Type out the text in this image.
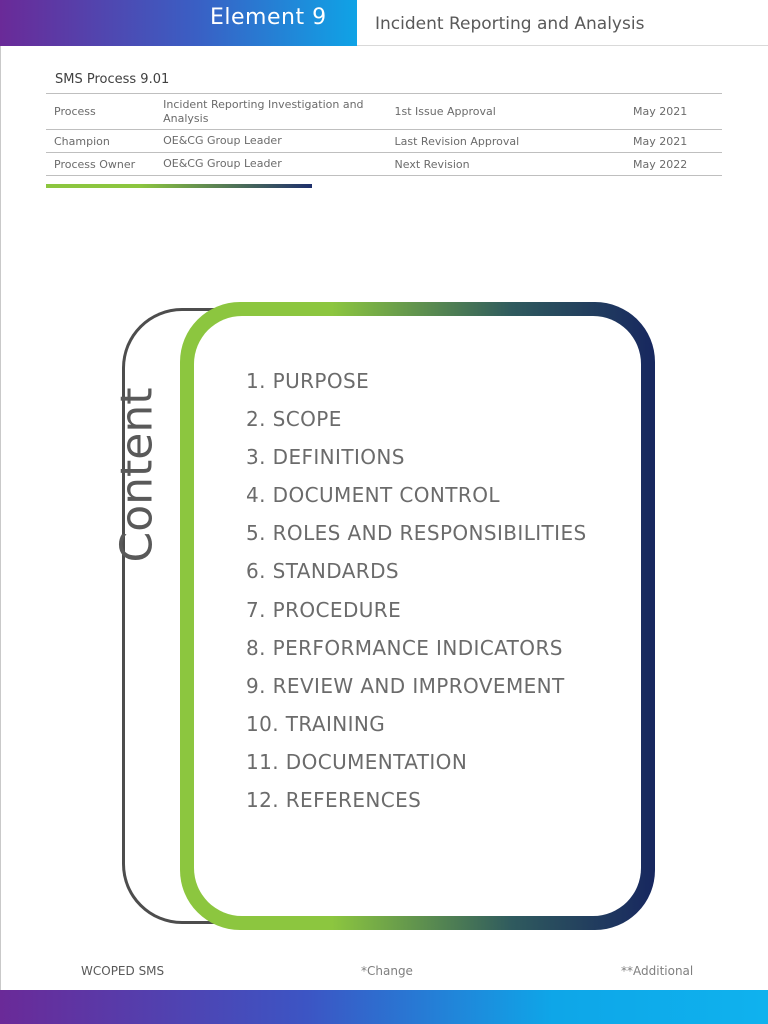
Element 9	Incident Reporting and Analysis
SMS Process 9.01
Process	Incident Reporting Investigation and Analysis	1st Issue Approval	May 2021
Champion	OE&CG Group Leader	Last Revision Approval	May 2021
Process Owner	OE&CG Group Leader	Next Revision	May 2022
Content
1. PURPOSE
2. SCOPE
3. DEFINITIONS
4. DOCUMENT CONTROL
5. ROLES AND RESPONSIBILITIES
6. STANDARDS
7. PROCEDURE
8. PERFORMANCE INDICATORS
9. REVIEW AND IMPROVEMENT
10. TRAINING
11. DOCUMENTATION
12. REFERENCES
WCOPED SMS	*Change	**Additional
